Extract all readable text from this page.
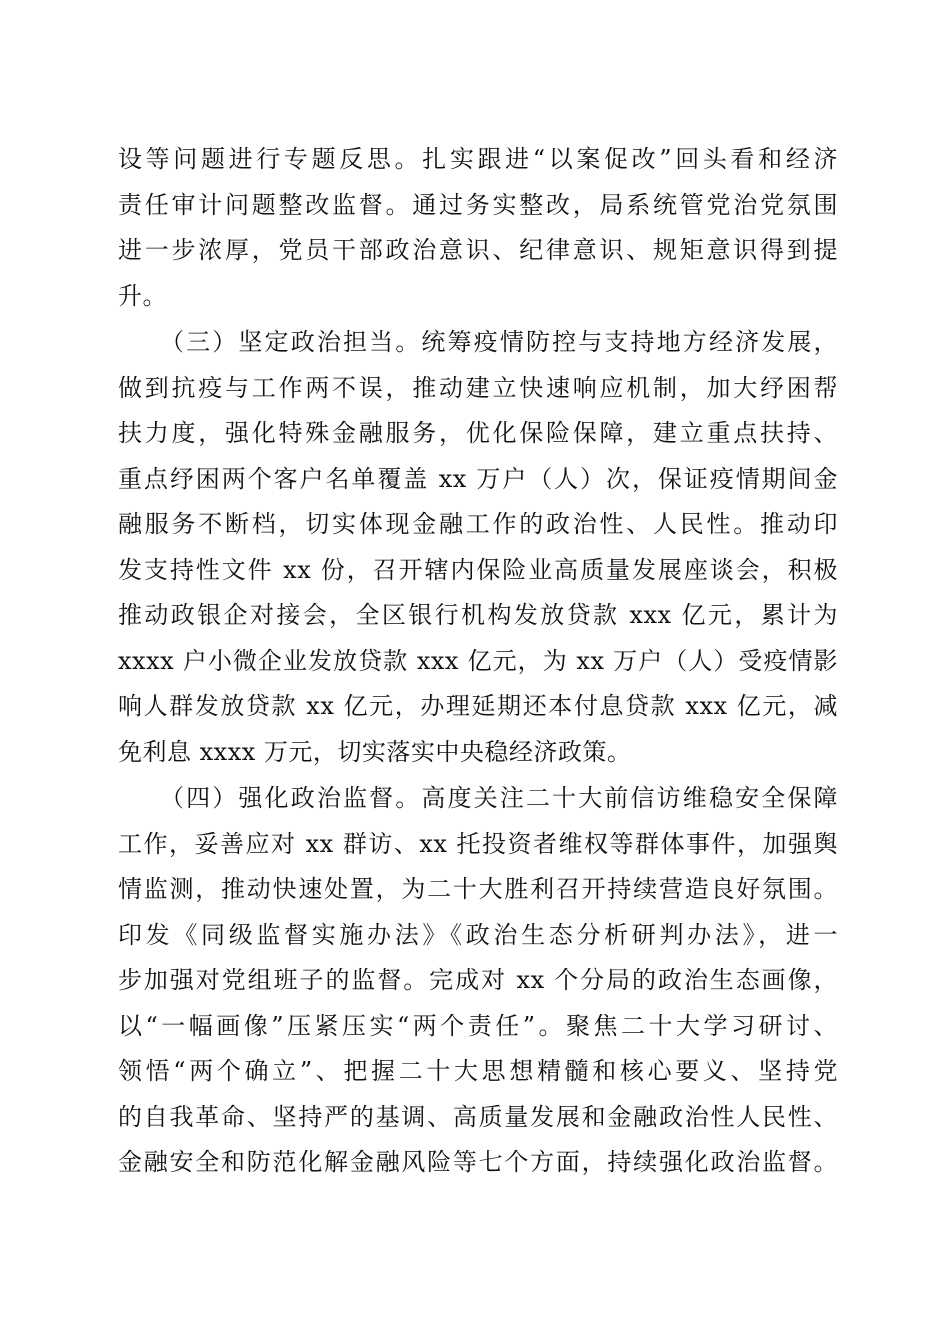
设等问题进行专题反思。扎实跟进“以案促改”回头看和经济
责任审计问题整改监督。通过务实整改，局系统管党治党氛围
进一步浓厚，党员干部政治意识、纪律意识、规矩意识得到提
升。
（三）坚定政治担当。统筹疫情防控与支持地方经济发展，
做到抗疫与工作两不误，推动建立快速响应机制，加大纾困帮
扶力度，强化特殊金融服务，优化保险保障，建立重点扶持、
重点纾困两个客户名单覆盖 xx 万户（人）次，保证疫情期间金
融服务不断档，切实体现金融工作的政治性、人民性。推动印
发支持性文件 xx 份，召开辖内保险业高质量发展座谈会，积极
推动政银企对接会，全区银行机构发放贷款 xxx 亿元，累计为
xxxx 户小微企业发放贷款 xxx 亿元，为 xx 万户（人）受疫情影
响人群发放贷款 xx 亿元，办理延期还本付息贷款 xxx 亿元，减
免利息 xxxx 万元，切实落实中央稳经济政策。
（四）强化政治监督。高度关注二十大前信访维稳安全保障
工作，妥善应对 xx 群访、xx 托投资者维权等群体事件，加强舆
情监测，推动快速处置，为二十大胜利召开持续营造良好氛围。
印发《同级监督实施办法》《政治生态分析研判办法》，进一
步加强对党组班子的监督。完成对 xx 个分局的政治生态画像，
以“一幅画像”压紧压实“两个责任”。聚焦二十大学习研讨、
领悟“两个确立”、把握二十大思想精髓和核心要义、坚持党
的自我革命、坚持严的基调、高质量发展和金融政治性人民性、
金融安全和防范化解金融风险等七个方面，持续强化政治监督。
